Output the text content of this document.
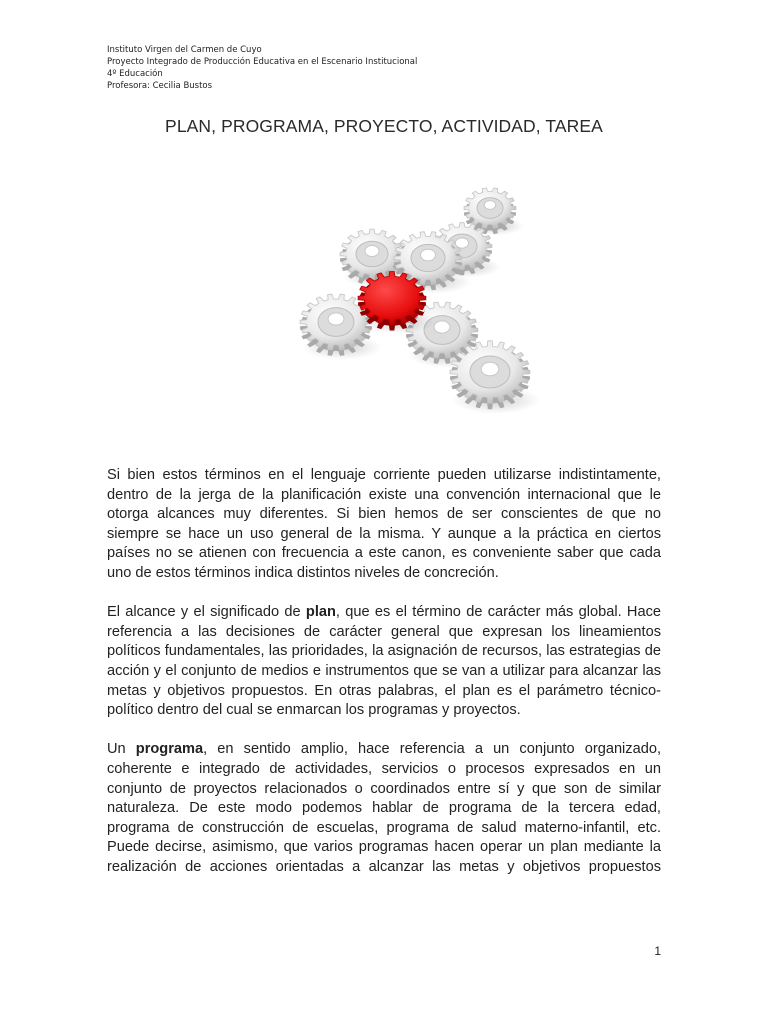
Instituto Virgen del Carmen de Cuyo
Proyecto Integrado de Producción Educativa en el Escenario Institucional
4º Educación
Profesora: Cecilia Bustos
PLAN, PROGRAMA, PROYECTO, ACTIVIDAD, TAREA

Si bien estos términos en el lenguaje corriente pueden utilizarse indistintamente, dentro de la jerga de la planificación existe una convención internacional que le otorga alcances muy diferentes. Si bien hemos de ser conscientes de que no siempre se hace un uso general de la misma. Y aunque a la práctica en ciertos países no se atienen con frecuencia a este canon, es conveniente saber que cada uno de estos términos indica distintos niveles de concreción.

El alcance y el significado de plan, que es el término de carácter más global. Hace referencia a las decisiones de carácter general que expresan los lineamientos políticos fundamentales, las prioridades, la asignación de recursos, las estrategias de acción y el conjunto de medios e instrumentos que se van a utilizar para alcanzar las metas y objetivos propuestos. En otras palabras, el plan es el parámetro técnico-político dentro del cual se enmarcan los programas y proyectos.

Un programa, en sentido amplio, hace referencia a un conjunto organizado, coherente e integrado de actividades, servicios o procesos expresados en un conjunto de proyectos relacionados o coordinados entre sí y que son de similar naturaleza. De este modo podemos hablar de programa de la tercera edad, programa de construcción de escuelas, programa de salud materno-infantil, etc. Puede decirse, asimismo, que varios programas hacen operar un plan mediante la realización de acciones orientadas a alcanzar las metas y objetivos propuestos

1
